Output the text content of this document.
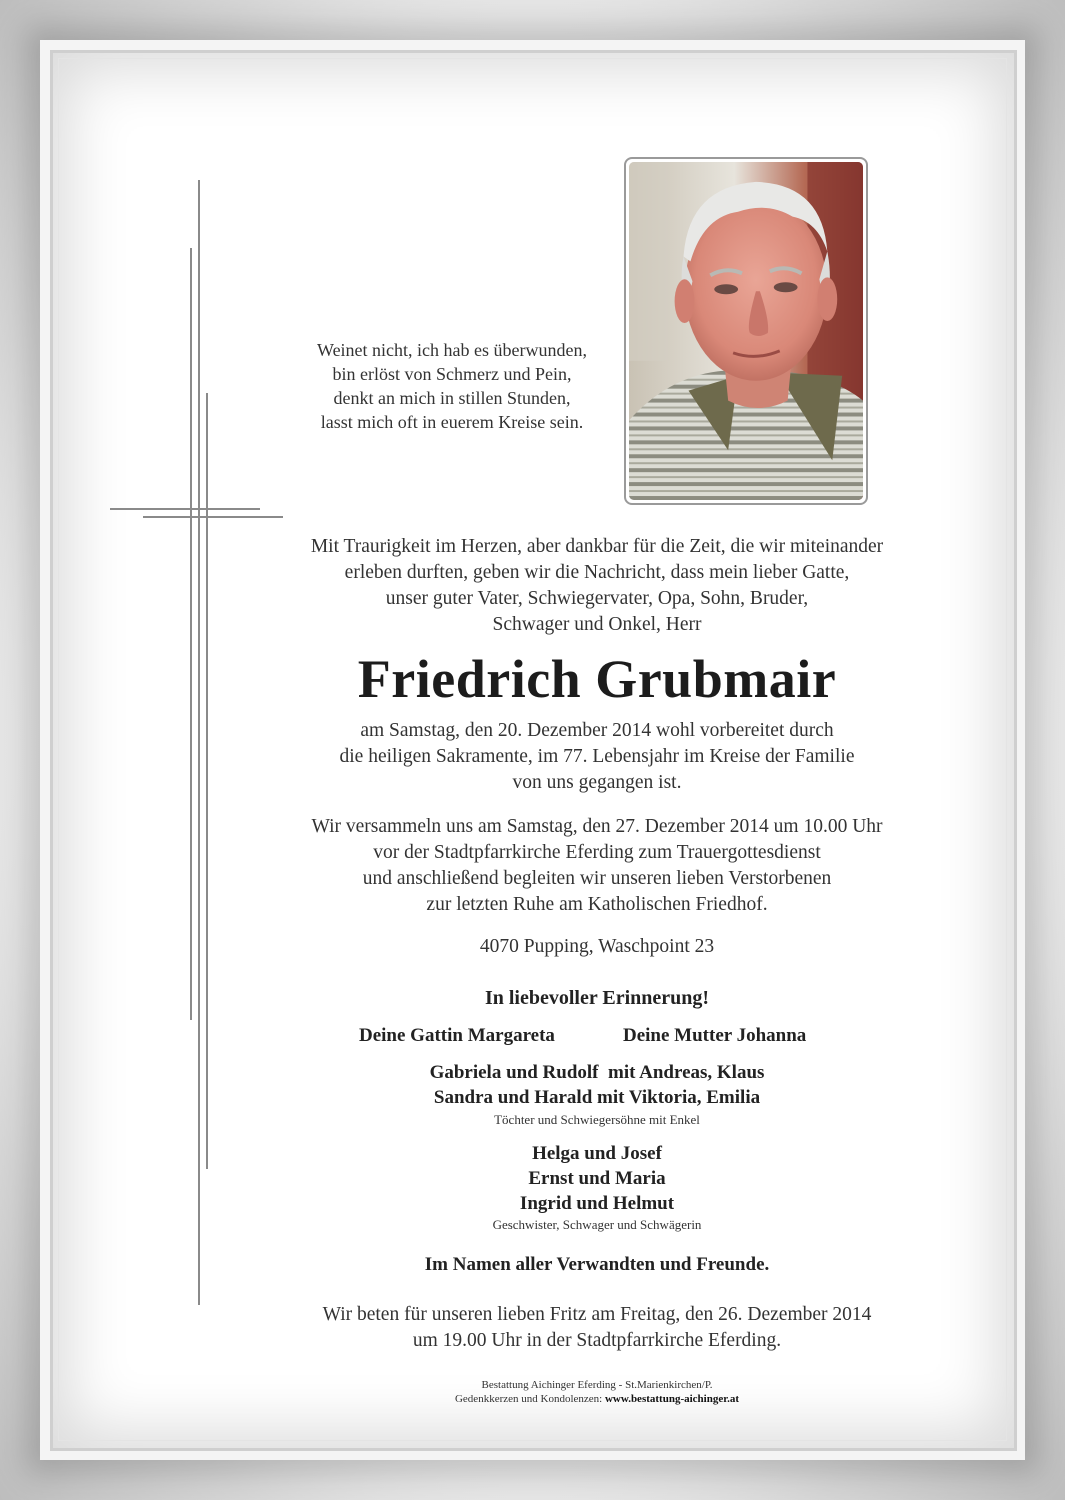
Weinet nicht, ich hab es überwunden,
bin erlöst von Schmerz und Pein,
denkt an mich in stillen Stunden,
lasst mich oft in euerem Kreise sein.
Mit Traurigkeit im Herzen, aber dankbar für die Zeit, die wir miteinander
erleben durften, geben wir die Nachricht, dass mein lieber Gatte,
unser guter Vater, Schwiegervater, Opa, Sohn, Bruder,
Schwager und Onkel, Herr
Friedrich Grubmair
am Samstag, den 20. Dezember 2014 wohl vorbereitet durch
die heiligen Sakramente, im 77. Lebensjahr im Kreise der Familie
von uns gegangen ist.
Wir versammeln uns am Samstag, den 27. Dezember 2014 um 10.00 Uhr
vor der Stadtpfarrkirche Eferding zum Trauergottesdienst
und anschließend begleiten wir unseren lieben Verstorbenen
zur letzten Ruhe am Katholischen Friedhof.
4070 Pupping, Waschpoint 23
In liebevoller Erinnerung!
Deine Gattin Margareta	Deine Mutter Johanna
Gabriela und Rudolf  mit Andreas, Klaus
Sandra und Harald mit Viktoria, Emilia
Töchter und Schwiegersöhne mit Enkel
Helga und Josef
Ernst und Maria
Ingrid und Helmut
Geschwister, Schwager und Schwägerin
Im Namen aller Verwandten und Freunde.
Wir beten für unseren lieben Fritz am Freitag, den 26. Dezember 2014
um 19.00 Uhr in der Stadtpfarrkirche Eferding.
Bestattung Aichinger Eferding - St.Marienkirchen/P.
Gedenkkerzen und Kondolenzen: www.bestattung-aichinger.at
